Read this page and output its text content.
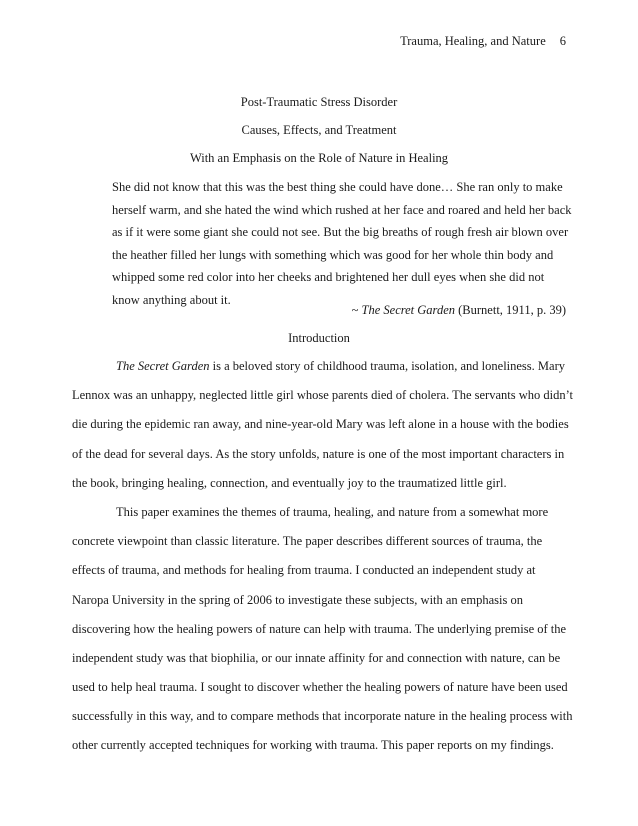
Trauma, Healing, and Nature 6
Post-Traumatic Stress Disorder
Causes, Effects, and Treatment
With an Emphasis on the Role of Nature in Healing

She did not know that this was the best thing she could have done… She ran only to make

herself warm, and she hated the wind which rushed at her face and roared and held her back

as if it were some giant she could not see. But the big breaths of rough fresh air blown over

the heather filled her lungs with something which was good for her whole thin body and

whipped some red color into her cheeks and brightened her dull eyes when she did not

know anything about it.

~ The Secret Garden (Burnett, 1911, p. 39)
Introduction
The Secret Garden is a beloved story of childhood trauma, isolation, and loneliness. Mary
Lennox was an unhappy, neglected little girl whose parents died of cholera. The servants who didn’t
die during the epidemic ran away, and nine-year-old Mary was left alone in a house with the bodies
of the dead for several days. As the story unfolds, nature is one of the most important characters in
the book, bringing healing, connection, and eventually joy to the traumatized little girl.
This paper examines the themes of trauma, healing, and nature from a somewhat more
concrete viewpoint than classic literature. The paper describes different sources of trauma, the
effects of trauma, and methods for healing from trauma. I conducted an independent study at
Naropa University in the spring of 2006 to investigate these subjects, with an emphasis on
discovering how the healing powers of nature can help with trauma. The underlying premise of the
independent study was that biophilia, or our innate affinity for and connection with nature, can be
used to help heal trauma. I sought to discover whether the healing powers of nature have been used
successfully in this way, and to compare methods that incorporate nature in the healing process with
other currently accepted techniques for working with trauma. This paper reports on my findings.
